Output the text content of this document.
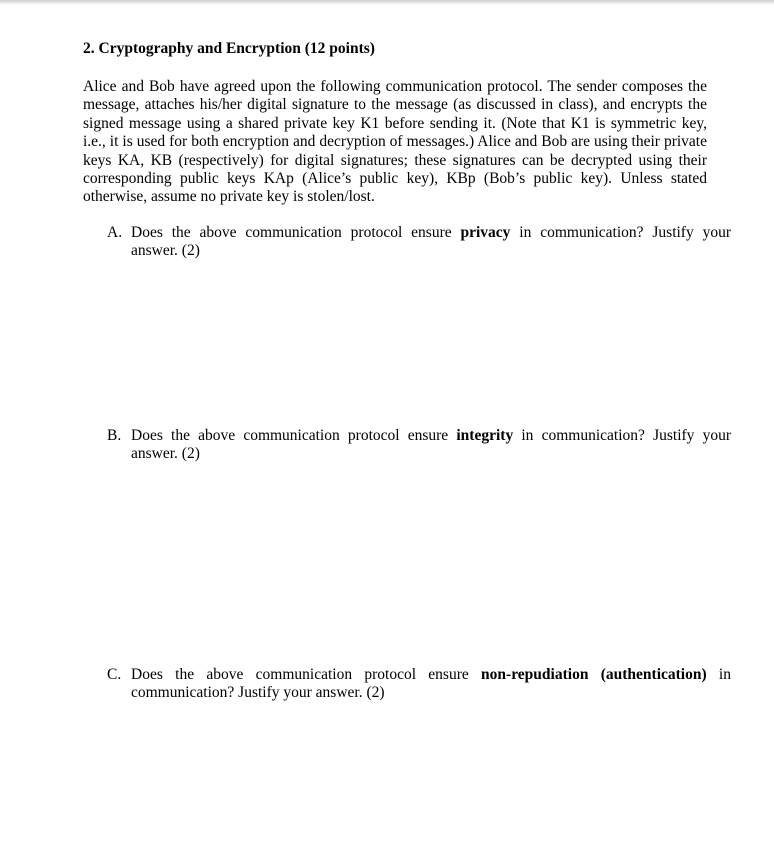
2. Cryptography and Encryption (12 points)

Alice and Bob have agreed upon the following communication protocol. The sender composes the message, attaches his/her digital signature to the message (as discussed in class), and encrypts the signed message using a shared private key K1 before sending it. (Note that K1 is symmetric key, i.e., it is used for both encryption and decryption of messages.) Alice and Bob are using their private keys KA, KB (respectively) for digital signatures; these signatures can be decrypted using their corresponding public keys KAp (Alice’s public key), KBp (Bob’s public key). Unless stated otherwise, assume no private key is stolen/lost.

A. Does the above communication protocol ensure privacy in communication? Justify your answer. (2)

B. Does the above communication protocol ensure integrity in communication? Justify your answer. (2)

C. Does the above communication protocol ensure non-repudiation (authentication) in communication? Justify your answer. (2)
